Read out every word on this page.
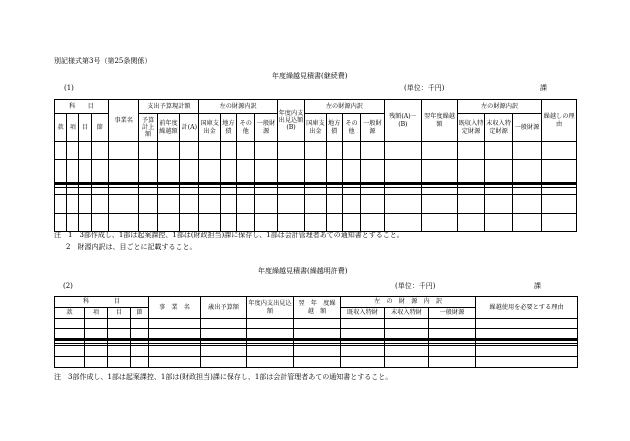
別記様式第3号（第25条関係）
年度繰越見積書(継続費)
(1)	(単位：千円)	課
科　　目				事業名	支出予算現計額			左の財源内訳				年度内支出見込額(B)	左の財源内訳				残額(A)－(B)	翌年度繰越額	左の財源内訳			繰越しの理由
款	項	目	節		予算計上額	前年度繰越額	計(A)	国庫支出金	地方債	その他	一般財源		国庫支出金	地方債	その他	一般財源			既収入特定財源	末収入特定財源	一般財源	

注　1　3部作成し、1部は起案課控、1部は(財政担当)課に保存し、1部は会計管理者あての通知書とすること。
2　財源内訳は、目ごとに記載すること。
年度繰越見積書(繰越明許費)
(2)	(単位：千円)	課
科　　　　目				事　業　名	歳出予算額	年度内支出見込額	翌　年　度繰　越　額	左　の　財　源　内　訳			繰越使用を必要とする理由
款	項	目	節					既収入特財	末収入特財	一般財源	

注　3部作成し、1部は起案課控、1部は(財政担当)課に保存し、1部は会計管理者あての通知書とすること。
